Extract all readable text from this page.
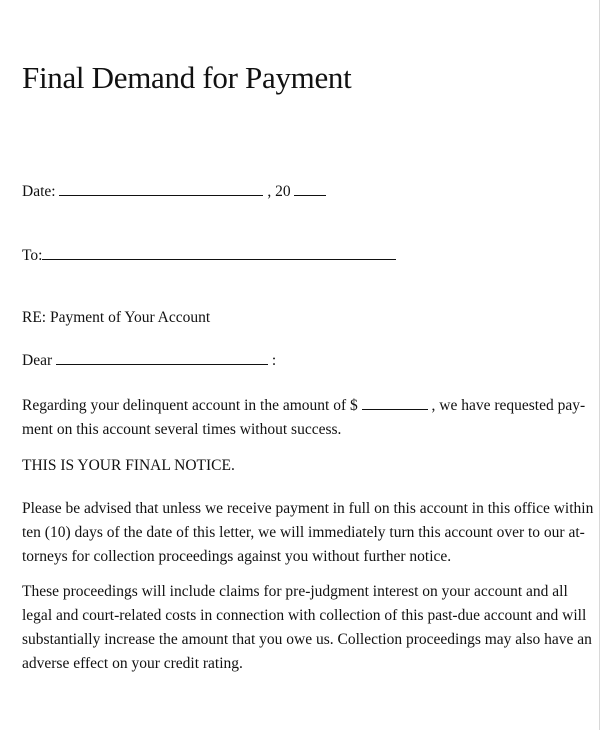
Final Demand for Payment
Date:	, 20
To:
RE: Payment of Your Account
Dear	:
Regarding your delinquent account in the amount of $	, we have requested pay-
ment on this account several times without success.
THIS IS YOUR FINAL NOTICE.
Please be advised that unless we receive payment in full on this account in this office within
ten (10) days of the date of this letter, we will immediately turn this account over to our at-
torneys for collection proceedings against you without further notice.
These proceedings will include claims for pre-judgment interest on your account and all
legal and court-related costs in connection with collection of this past-due account and will
substantially increase the amount that you owe us. Collection proceedings may also have an
adverse effect on your credit rating.
